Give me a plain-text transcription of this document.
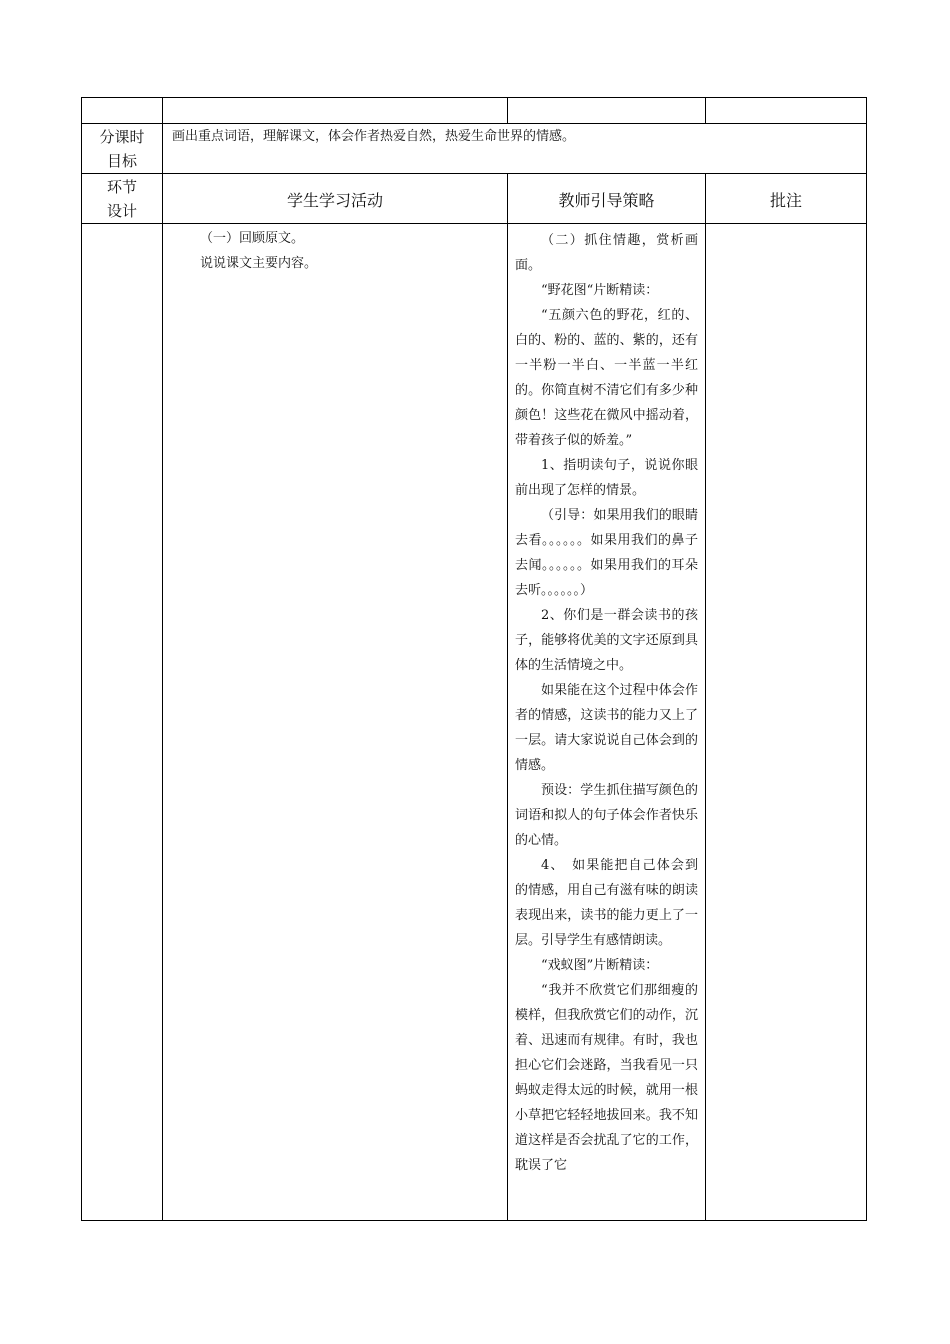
分课时
目标
画出重点词语，理解课文，体会作者热爱自然，热爱生命世界的情感。
环节
设计
学生学习活动	教师引导策略	批注
（一）回顾原文。
说说课文主要内容。

（二）抓住情趣，赏析画面。

“野花图“片断精读：

“五颜六色的野花，红的、白的、粉的、蓝的、紫的，还有一半粉一半白、一半蓝一半红的。你简直树不清它们有多少种颜色！这些花在微风中摇动着，带着孩子似的娇羞。”

1、指明读句子，说说你眼前出现了怎样的情景。

（引导：如果用我们的眼睛去看。。。。。。如果用我们的鼻子去闻。。。。。。如果用我们的耳朵去听。。。。。。）

2、你们是一群会读书的孩子，能够将优美的文字还原到具体的生活情境之中。

如果能在这个过程中体会作者的情感，这读书的能力又上了一层。请大家说说自己体会到的情感。

预设：学生抓住描写颜色的词语和拟人的句子体会作者快乐的心情。

4、　如果能把自己体会到的情感，用自己有滋有味的朗读表现出来，读书的能力更上了一层。引导学生有感情朗读。

“戏蚁图”片断精读：

“我并不欣赏它们那细瘦的模样，但我欣赏它们的动作，沉着、迅速而有规律。有时，我也担心它们会迷路，当我看见一只蚂蚁走得太远的时候，就用一根小草把它轻轻地拔回来。我不知道这样是否会扰乱了它的工作，耽误了它
